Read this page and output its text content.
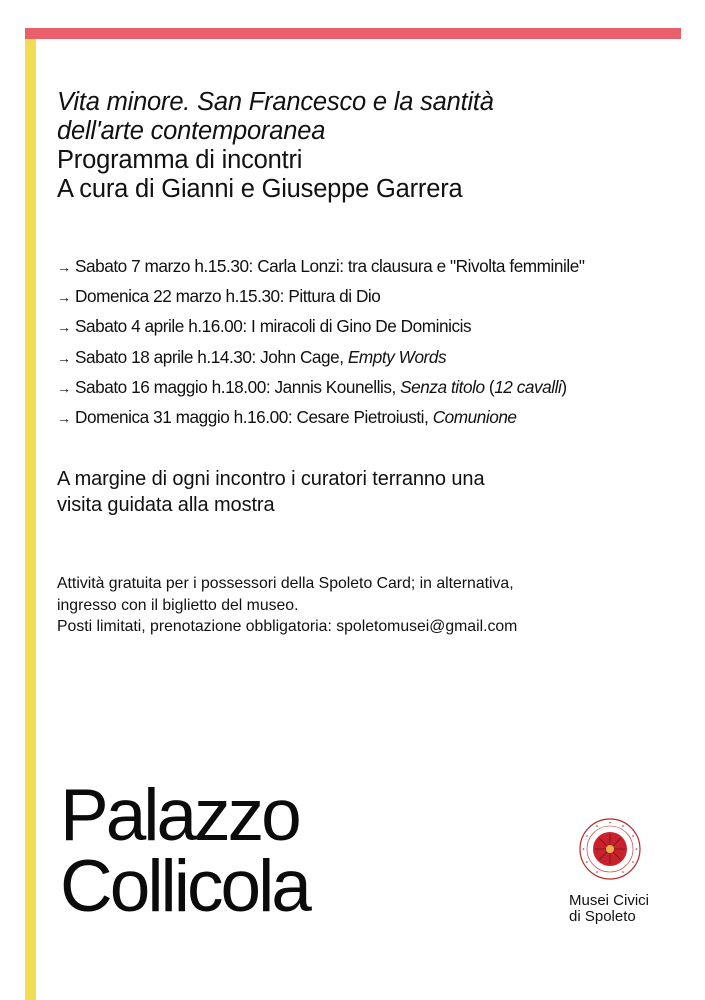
Vita minore. San Francesco e la santità
dell'arte contemporanea
Programma di incontri
A cura di Gianni e Giuseppe Garrera
→ Sabato 7 marzo h.15.30: Carla Lonzi: tra clausura e "Rivolta femminile"
→ Domenica 22 marzo h.15.30: Pittura di Dio
→ Sabato 4 aprile h.16.00: I miracoli di Gino De Dominicis
→ Sabato 18 aprile h.14.30: John Cage, Empty Words
→ Sabato 16 maggio h.18.00: Jannis Kounellis, Senza titolo (12 cavalli)
→ Domenica 31 maggio h.16.00: Cesare Pietroiusti, Comunione
A margine di ogni incontro i curatori terranno una
visita guidata alla mostra
Attività gratuita per i possessori della Spoleto Card; in alternativa,
ingresso con il biglietto del museo.
Posti limitati, prenotazione obbligatoria: spoletomusei@gmail.com
Palazzo
Collicola	Musei Civici
di Spoleto
